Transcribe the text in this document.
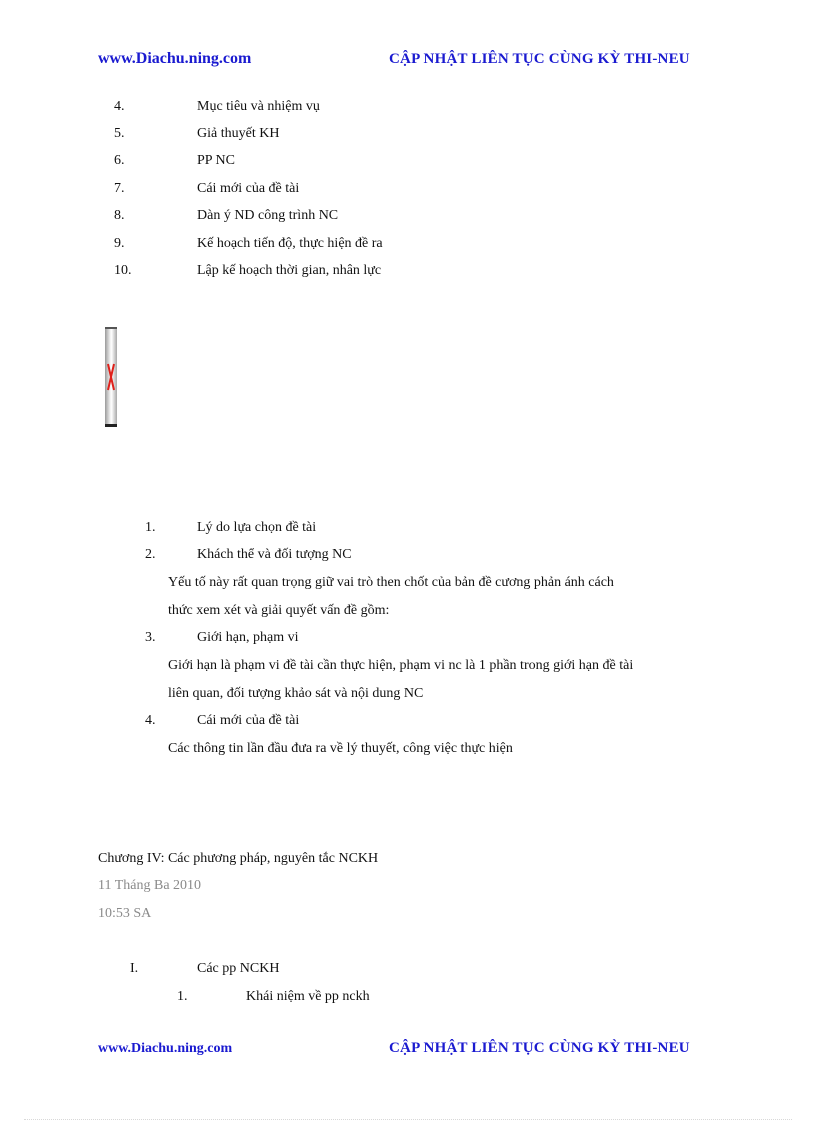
www.Diachu.ning.com	CẬP NHẬT LIÊN TỤC CÙNG KỲ THI-NEU
4.	Mục tiêu và nhiệm vụ
5.	Giả thuyết KH
6.	PP NC
7.	Cái mới của đề tài
8.	Dàn ý ND công trình NC
9.	Kế hoạch tiến độ, thực hiện đề ra
10.	Lập kế hoạch thời gian, nhân lực
1.	Lý do lựa chọn đề tài
2.	Khách thể và đối tượng NC
Yếu tố này rất quan trọng giữ vai trò then chốt của bản đề cương phản ánh cách
thức xem xét và giải quyết vấn đề gồm:
3.	Giới hạn, phạm vi
Giới hạn là phạm vi đề tài cần thực hiện, phạm vi nc là 1 phần trong giới hạn đề tài
liên quan, đối tượng khảo sát và nội dung NC
4.	Cái mới của đề tài
Các thông tin lần đầu đưa ra về lý thuyết, công việc thực hiện
Chương IV: Các phương pháp, nguyên tắc NCKH
11 Tháng Ba 2010
10:53 SA
I.	Các pp NCKH
1.	Khái niệm về pp nckh
www.Diachu.ning.com	CẬP NHẬT LIÊN TỤC CÙNG KỲ THI-NEU
